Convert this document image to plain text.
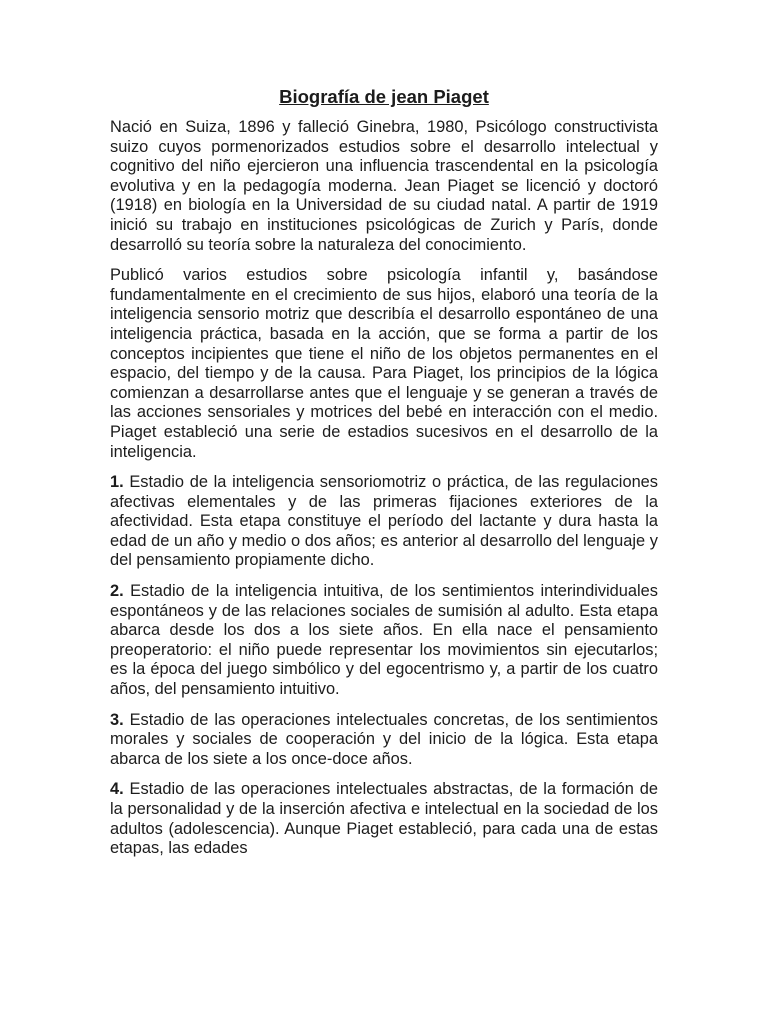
Biografía de jean Piaget

Nació en Suiza, 1896 y falleció Ginebra, 1980, Psicólogo constructivista suizo cuyos pormenorizados estudios sobre el desarrollo intelectual y cognitivo del niño ejercieron una influencia trascendental en la psicología evolutiva y en la pedagogía moderna. Jean Piaget se licenció y doctoró (1918) en biología en la Universidad de su ciudad natal. A partir de 1919 inició su trabajo en instituciones psicológicas de Zurich y París, donde desarrolló su teoría sobre la naturaleza del conocimiento.

Publicó varios estudios sobre psicología infantil y, basándose fundamentalmente en el crecimiento de sus hijos, elaboró una teoría de la inteligencia sensorio motriz que describía el desarrollo espontáneo de una inteligencia práctica, basada en la acción, que se forma a partir de los conceptos incipientes que tiene el niño de los objetos permanentes en el espacio, del tiempo y de la causa. Para Piaget, los principios de la lógica comienzan a desarrollarse antes que el lenguaje y se generan a través de las acciones sensoriales y motrices del bebé en interacción con el medio. Piaget estableció una serie de estadios sucesivos en el desarrollo de la inteligencia.

1. Estadio de la inteligencia sensoriomotriz o práctica, de las regulaciones afectivas elementales y de las primeras fijaciones exteriores de la afectividad. Esta etapa constituye el período del lactante y dura hasta la edad de un año y medio o dos años; es anterior al desarrollo del lenguaje y del pensamiento propiamente dicho.

2. Estadio de la inteligencia intuitiva, de los sentimientos interindividuales espontáneos y de las relaciones sociales de sumisión al adulto. Esta etapa abarca desde los dos a los siete años. En ella nace el pensamiento preoperatorio: el niño puede representar los movimientos sin ejecutarlos; es la época del juego simbólico y del egocentrismo y, a partir de los cuatro años, del pensamiento intuitivo.

3. Estadio de las operaciones intelectuales concretas, de los sentimientos morales y sociales de cooperación y del inicio de la lógica. Esta etapa abarca de los siete a los once-doce años.

4. Estadio de las operaciones intelectuales abstractas, de la formación de la personalidad y de la inserción afectiva e intelectual en la sociedad de los adultos (adolescencia). Aunque Piaget estableció, para cada una de estas etapas, las edades
